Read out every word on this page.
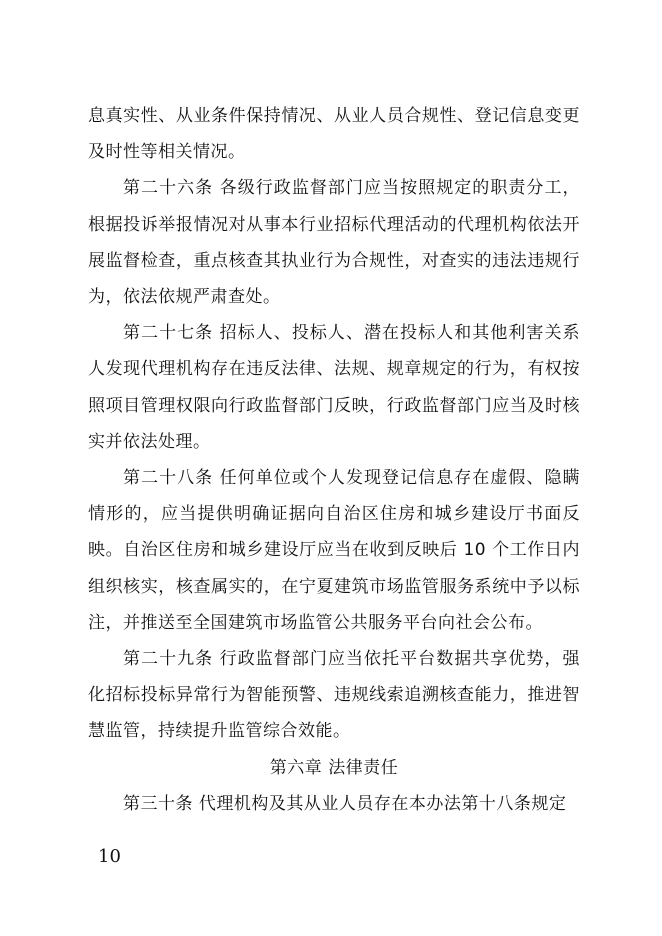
息真实性、从业条件保持情况、从业人员合规性、登记信息变更及时性等相关情况。

第二十六条 各级行政监督部门应当按照规定的职责分工，根据投诉举报情况对从事本行业招标代理活动的代理机构依法开展监督检查，重点核查其执业行为合规性，对查实的违法违规行为，依法依规严肃查处。

第二十七条 招标人、投标人、潜在投标人和其他利害关系人发现代理机构存在违反法律、法规、规章规定的行为，有权按照项目管理权限向行政监督部门反映，行政监督部门应当及时核实并依法处理。

第二十八条 任何单位或个人发现登记信息存在虚假、隐瞒情形的，应当提供明确证据向自治区住房和城乡建设厅书面反映。自治区住房和城乡建设厅应当在收到反映后 10 个工作日内组织核实，核查属实的，在宁夏建筑市场监管服务系统中予以标注，并推送至全国建筑市场监管公共服务平台向社会公布。

第二十九条 行政监督部门应当依托平台数据共享优势，强化招标投标异常行为智能预警、违规线索追溯核查能力，推进智慧监管，持续提升监管综合效能。

第六章 法律责任

第三十条 代理机构及其从业人员存在本办法第十八条规定

10
